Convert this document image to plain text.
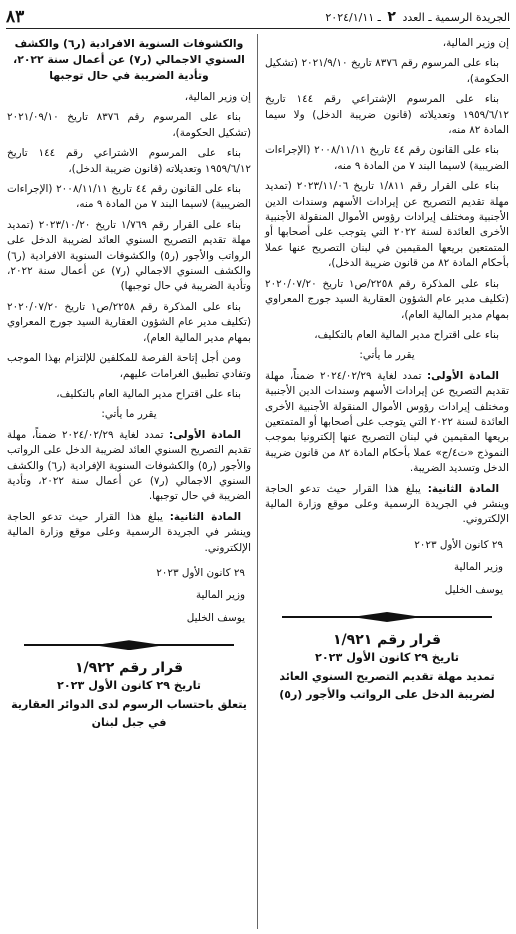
الجريدة الرسمية ـ العدد ٢ ـ ٢٠٢٤/١/١١
٨٣

إن وزير المالية،

بناء على المرسوم رقم ٨٣٧٦ تاريخ ٢٠٢١/٩/١٠ (تشكيل الحكومة)،

بناء على المرسوم الإشتراعي رقم ١٤٤ تاريخ ١٩٥٩/٦/١٢ وتعديلاته (قانون ضريبة الدخل) ولا سيما المادة ٨٢ منه،

بناء على القانون رقم ٤٤ تاريخ ٢٠٠٨/١١/١١ (الإجراءات الضريبية) لاسيما البند ٧ من المادة ٩ منه،

بناء على القرار رقم ١/٨١١ تاريخ ٢٠٢٣/١١/٠٦ (تمديد مهلة تقديم التصريح عن إيرادات الأسهم وسندات الدين الأجنبية ومختلف إيرادات رؤوس الأموال المنقولة الأجنبية الأخرى العائدة لسنة ٢٠٢٢ التي يتوجب على أصحابها أو المتمتعين بريعها المقيمين في لبنان التصريح عنها عملا بأحكام المادة ٨٢ من قانون ضريبة الدخل)،

بناء على المذكرة رقم ٢٢٥٨/ص١ تاريخ ٢٠٢٠/٠٧/٢٠ (تكليف مدير عام الشؤون العقارية السيد جورج المعراوي بمهام مدير المالية العام)،

بناء على اقتراح مدير المالية العام بالتكليف،

يقرر ما يأتي:

المادة الأولى: تمدد لغاية ٢٠٢٤/٠٢/٢٩ ضمناً، مهلة تقديم التصريح عن إيرادات الأسهم وسندات الدين الأجنبية ومختلف إيرادات رؤوس الأموال المنقولة الأجنبية الأخرى العائدة لسنة ٢٠٢٢ التي يتوجب على أصحابها أو المتمتعين بريعها المقيمين في لبنان التصريح عنها إلكترونيا بموجب النموذج «ت٤/ج» عملا بأحكام المادة ٨٢ من قانون ضريبة الدخل وتسديد الضريبة.

المادة الثانية: يبلغ هذا القرار حيث تدعو الحاجة وينشر في الجريدة الرسمية وعلى موقع وزارة المالية الإلكتروني.

٢٩ كانون الأول ٢٠٢٣

وزير المالية

يوسف الخليل

قرار رقم ١/٩٢١

تاريخ ٢٩ كانون الأول ٢٠٢٣

تمديد مهلة تقديم التصريح السنوي العائد لضريبة الدخل على الرواتب والأجور (ر٥)

والكشوفات السنوية الافرادية (ر٦) والكشف السنوي الاجمالي (ر٧) عن أعمال سنة ٢٠٢٢، وتأدية الضريبة في حال توجبها

إن وزير المالية،

بناء على المرسوم رقم ٨٣٧٦ تاريخ ٢٠٢١/٠٩/١٠ (تشكيل الحكومة)،

بناء على المرسوم الاشتراعي رقم ١٤٤ تاريخ ١٩٥٩/٦/١٢ وتعديلاته (قانون ضريبة الدخل)،

بناء على القانون رقم ٤٤ تاريخ ٢٠٠٨/١١/١١ (الإجراءات الضريبية) لاسيما البند ٧ من المادة ٩ منه،

بناء على القرار رقم ١/٧٦٩ تاريخ ٢٠٢٣/١٠/٢٠ (تمديد مهلة تقديم التصريح السنوي العائد لضريبة الدخل على الرواتب والأجور (ر٥) والكشوفات السنوية الافرادية (ر٦) والكشف السنوي الاجمالي (ر٧) عن أعمال سنة ٢٠٢٢، وتأدية الضريبة في حال توجبها)

بناء على المذكرة رقم ٢٢٥٨/ص١ تاريخ ٢٠٢٠/٠٧/٢٠ (تكليف مدير عام الشؤون العقارية السيد جورج المعراوي بمهام مدير المالية العام)،

ومن أجل إتاحة الفرصة للمكلفين للإلتزام بهذا الموجب وتفادي تطبيق الغرامات عليهم،

بناء على اقتراح مدير المالية العام بالتكليف،

يقرر ما يأتي:

المادة الأولى: تمدد لغاية ٢٠٢٤/٠٢/٢٩ ضمناً، مهلة تقديم التصريح السنوي العائد لضريبة الدخل على الرواتب والأجور (ر٥) والكشوفات السنوية الإفرادية (ر٦) والكشف السنوي الاجمالي (ر٧) عن أعمال سنة ٢٠٢٢، وتأدية الضريبة في حال توجبها.

المادة الثانية: يبلغ هذا القرار حيث تدعو الحاجة وينشر في الجريدة الرسمية وعلى موقع وزارة المالية الإلكتروني.

٢٩ كانون الأول ٢٠٢٣

وزير المالية

يوسف الخليل

قرار رقم ١/٩٢٢

تاريخ ٢٩ كانون الأول ٢٠٢٣

يتعلق باحتساب الرسوم لدى الدوائر العقارية في جبل لبنان
